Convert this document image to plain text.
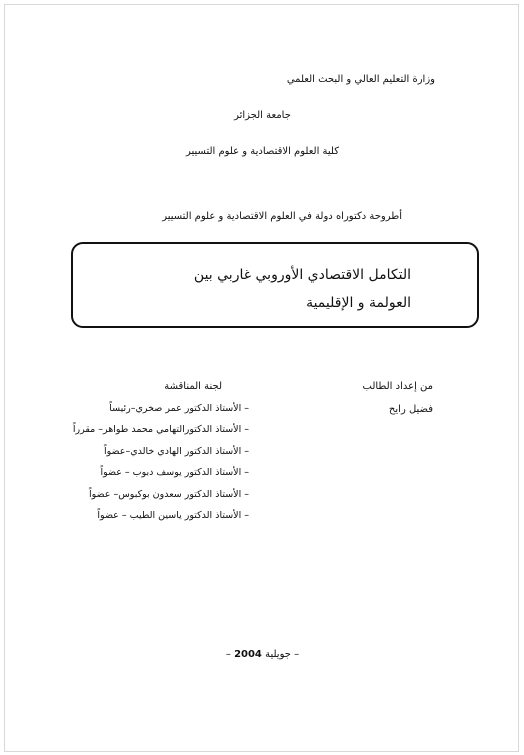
وزارة التعليم العالي و البحث العلمي
جامعة الجزائر
كلية العلوم الاقتصادية و علوم التسيير
أطروحة دكتوراه دولة في العلوم الاقتصادية و علوم التسيير
التكامل الاقتصادي الأوروبي غاربي بين
العولمة و الإقليمية
من إعداد الطالب
فضيل رايح
لجنة المناقشة
– الأستاذ الدكتور عمر صخري–رئيساً
– الأستاذ الدكتورالتهامي محمد طواهر– مقرراً
– الأستاذ الدكتور الهادي خالدي–عضواً
– الأستاذ الدكتور يوسف دبوب – عضواً
– الأستاذ الدكتور سعدون بوكبوس– عضواً
– الأستاذ الدكتور ياسين الطيب – عضواً
– جويلية 2004 –
